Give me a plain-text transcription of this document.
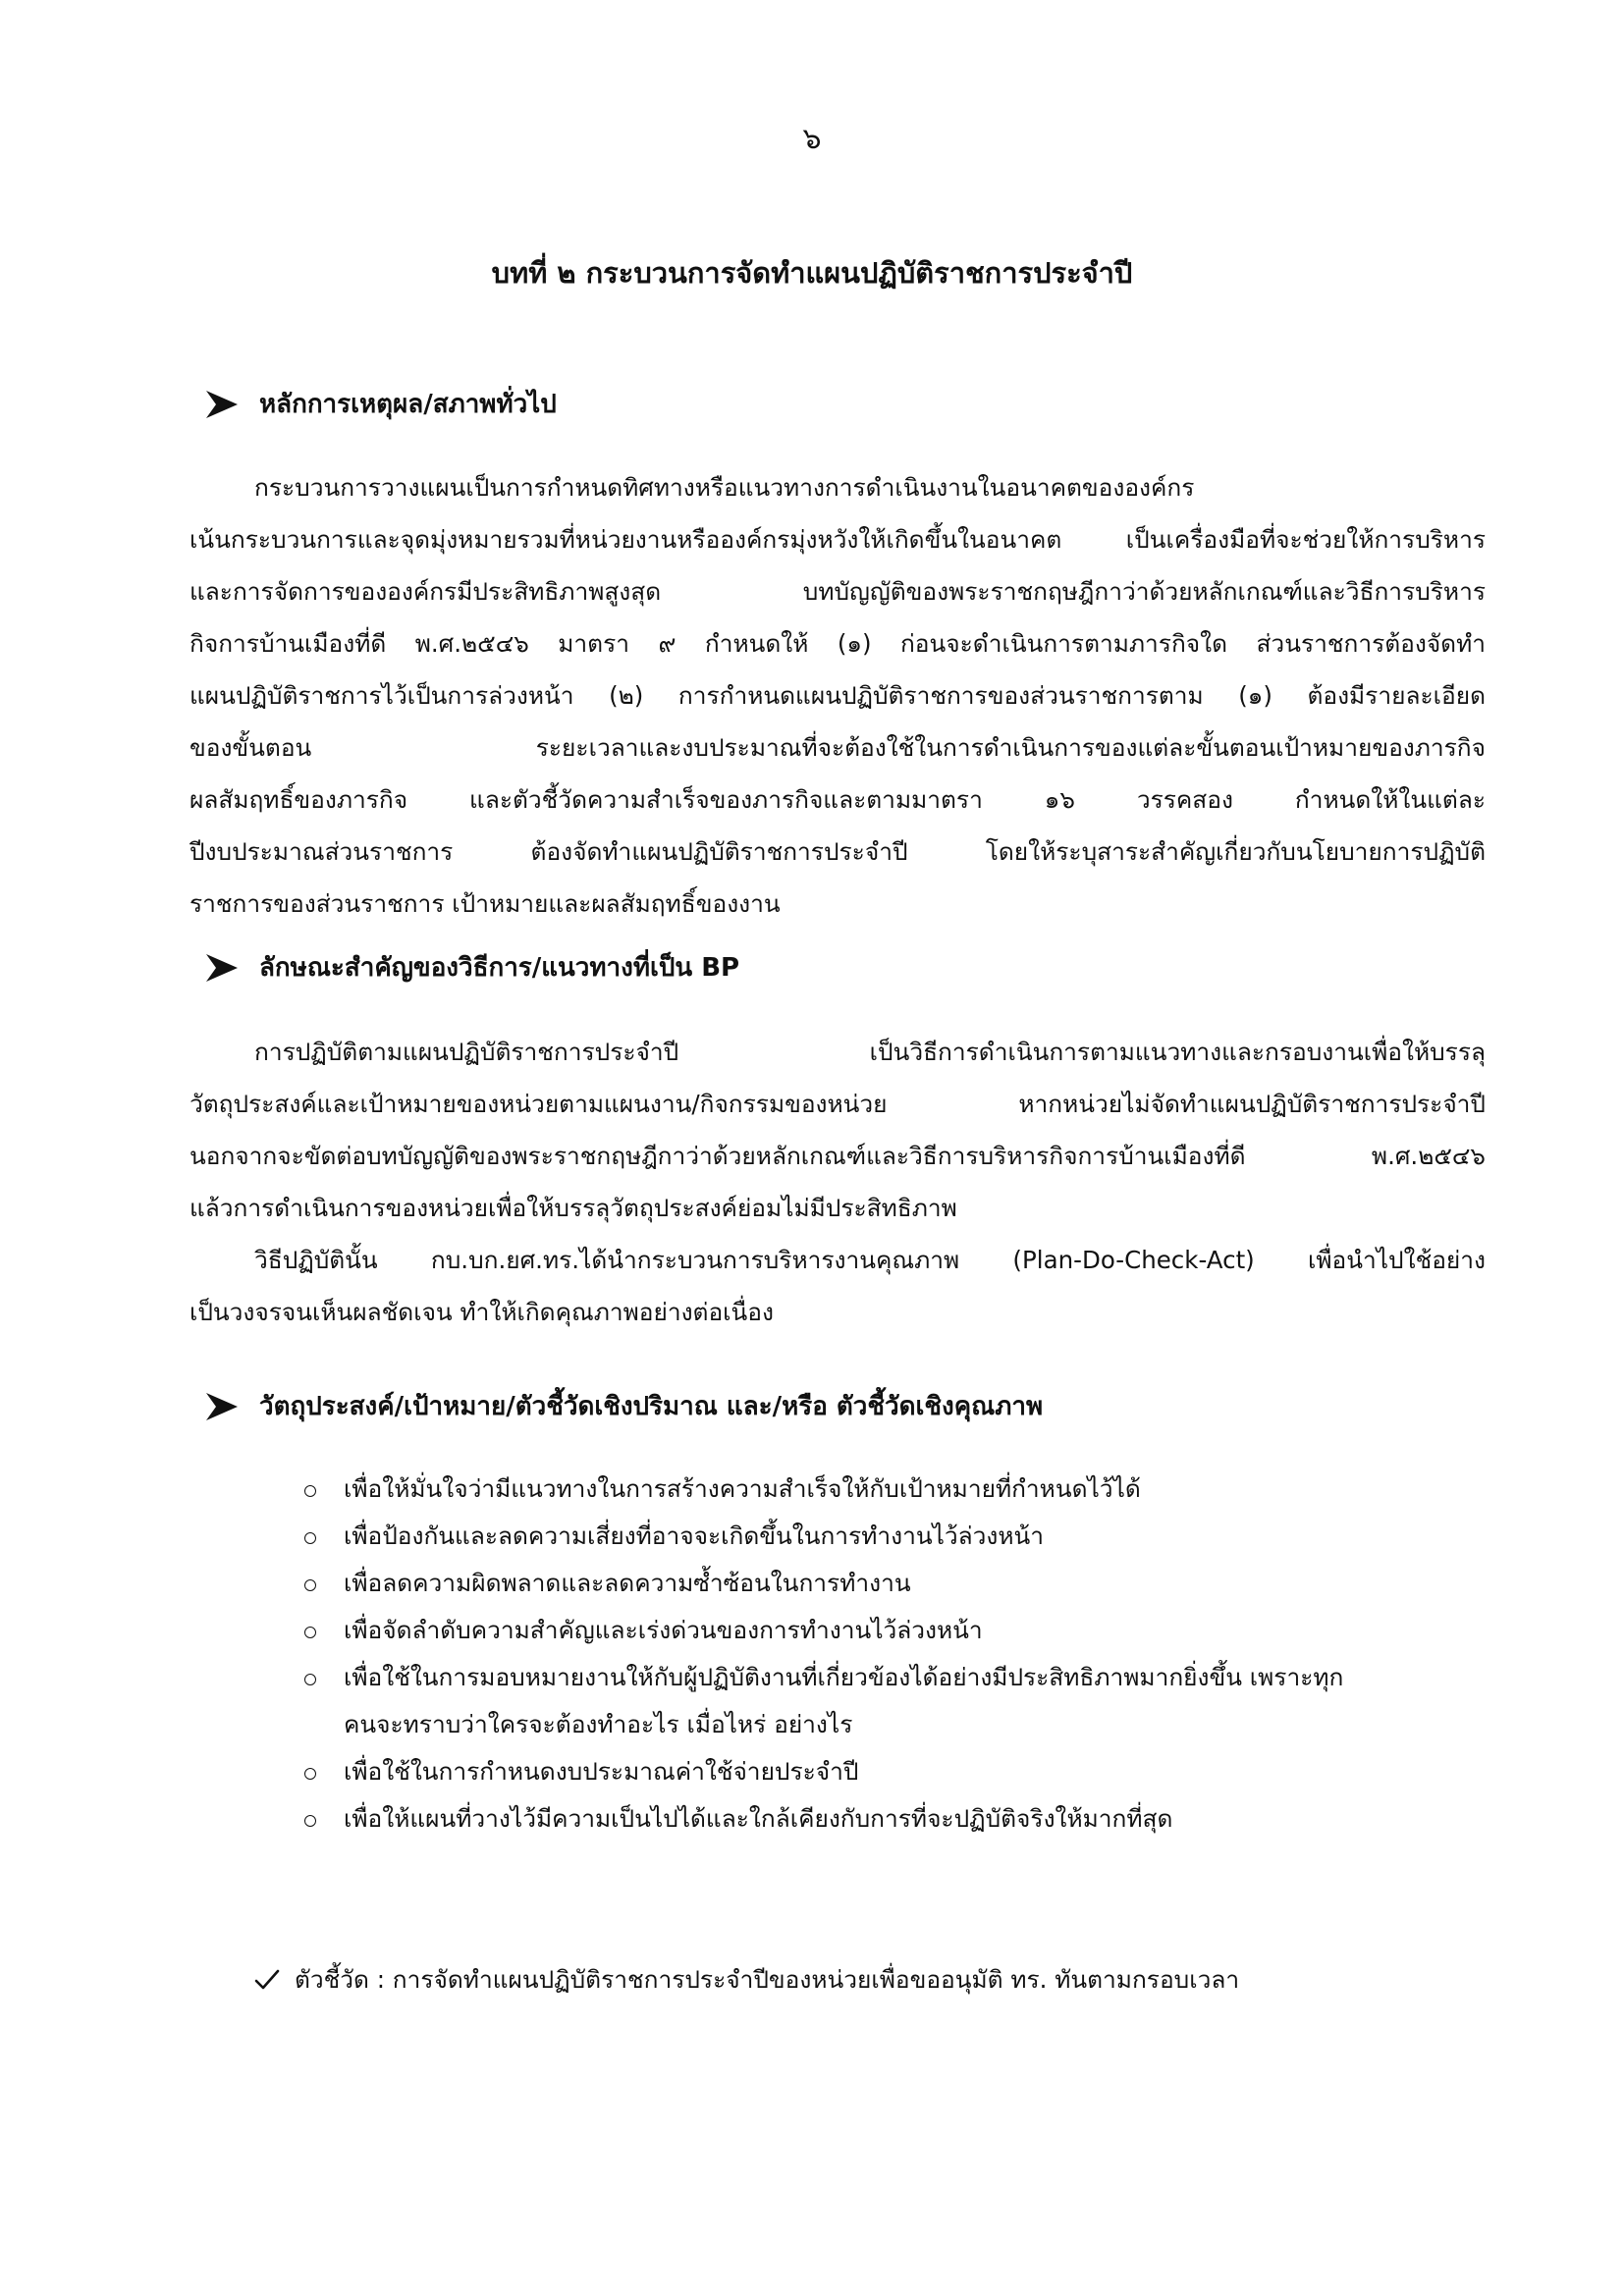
๖
บทที่ ๒ กระบวนการจัดทำแผนปฏิบัติราชการประจำปี
หลักการเหตุผล/สภาพทั่วไป
กระบวนการวางแผนเป็นการกำหนดทิศทางหรือแนวทางการดำเนินงานในอนาคตขององค์กร
เน้นกระบวนการและจุดมุ่งหมายรวมที่หน่วยงานหรือองค์กรมุ่งหวังให้เกิดขึ้นในอนาคต เป็นเครื่องมือที่จะช่วยให้การบริหาร
และการจัดการขององค์กรมีประสิทธิภาพสูงสุด บทบัญญัติของพระราชกฤษฎีกาว่าด้วยหลักเกณฑ์และวิธีการบริหาร
กิจการบ้านเมืองที่ดี พ.ศ.๒๕๔๖ มาตรา ๙ กำหนดให้ (๑) ก่อนจะดำเนินการตามภารกิจใด ส่วนราชการต้องจัดทำ
แผนปฏิบัติราชการไว้เป็นการล่วงหน้า (๒) การกำหนดแผนปฏิบัติราชการของส่วนราชการตาม (๑) ต้องมีรายละเอียด
ของขั้นตอน ระยะเวลาและงบประมาณที่จะต้องใช้ในการดำเนินการของแต่ละขั้นตอนเป้าหมายของภารกิจ
ผลสัมฤทธิ์ของภารกิจ และตัวชี้วัดความสำเร็จของภารกิจและตามมาตรา ๑๖ วรรคสอง กำหนดให้ในแต่ละ
ปีงบประมาณส่วนราชการ ต้องจัดทำแผนปฏิบัติราชการประจำปี โดยให้ระบุสาระสำคัญเกี่ยวกับนโยบายการปฏิบัติ
ราชการของส่วนราชการ เป้าหมายและผลสัมฤทธิ์ของงาน
ลักษณะสำคัญของวิธีการ/แนวทางที่เป็น BP
การปฏิบัติตามแผนปฏิบัติราชการประจำปี เป็นวิธีการดำเนินการตามแนวทางและกรอบงานเพื่อให้บรรลุ
วัตถุประสงค์และเป้าหมายของหน่วยตามแผนงาน/กิจกรรมของหน่วย หากหน่วยไม่จัดทำแผนปฏิบัติราชการประจำปี
นอกจากจะขัดต่อบทบัญญัติของพระราชกฤษฎีกาว่าด้วยหลักเกณฑ์และวิธีการบริหารกิจการบ้านเมืองที่ดี พ.ศ.๒๕๔๖
แล้วการดำเนินการของหน่วยเพื่อให้บรรลุวัตถุประสงค์ย่อมไม่มีประสิทธิภาพ
วิธีปฏิบัตินั้น กบ.บก.ยศ.ทร.ได้นำกระบวนการบริหารงานคุณภาพ (Plan-Do-Check-Act) เพื่อนำไปใช้อย่าง
เป็นวงจรจนเห็นผลชัดเจน ทำให้เกิดคุณภาพอย่างต่อเนื่อง
วัตถุประสงค์/เป้าหมาย/ตัวชี้วัดเชิงปริมาณ และ/หรือ ตัวชี้วัดเชิงคุณภาพ
เพื่อให้มั่นใจว่ามีแนวทางในการสร้างความสำเร็จให้กับเป้าหมายที่กำหนดไว้ได้
เพื่อป้องกันและลดความเสี่ยงที่อาจจะเกิดขึ้นในการทำงานไว้ล่วงหน้า
เพื่อลดความผิดพลาดและลดความซ้ำซ้อนในการทำงาน
เพื่อจัดลำดับความสำคัญและเร่งด่วนของการทำงานไว้ล่วงหน้า
เพื่อใช้ในการมอบหมายงานให้กับผู้ปฏิบัติงานที่เกี่ยวข้องได้อย่างมีประสิทธิภาพมากยิ่งขึ้น เพราะทุก
คนจะทราบว่าใครจะต้องทำอะไร เมื่อไหร่ อย่างไร
เพื่อใช้ในการกำหนดงบประมาณค่าใช้จ่ายประจำปี
เพื่อให้แผนที่วางไว้มีความเป็นไปได้และใกล้เคียงกับการที่จะปฏิบัติจริงให้มากที่สุด
ตัวชี้วัด : การจัดทำแผนปฏิบัติราชการประจำปีของหน่วยเพื่อขออนุมัติ ทร. ทันตามกรอบเวลา
